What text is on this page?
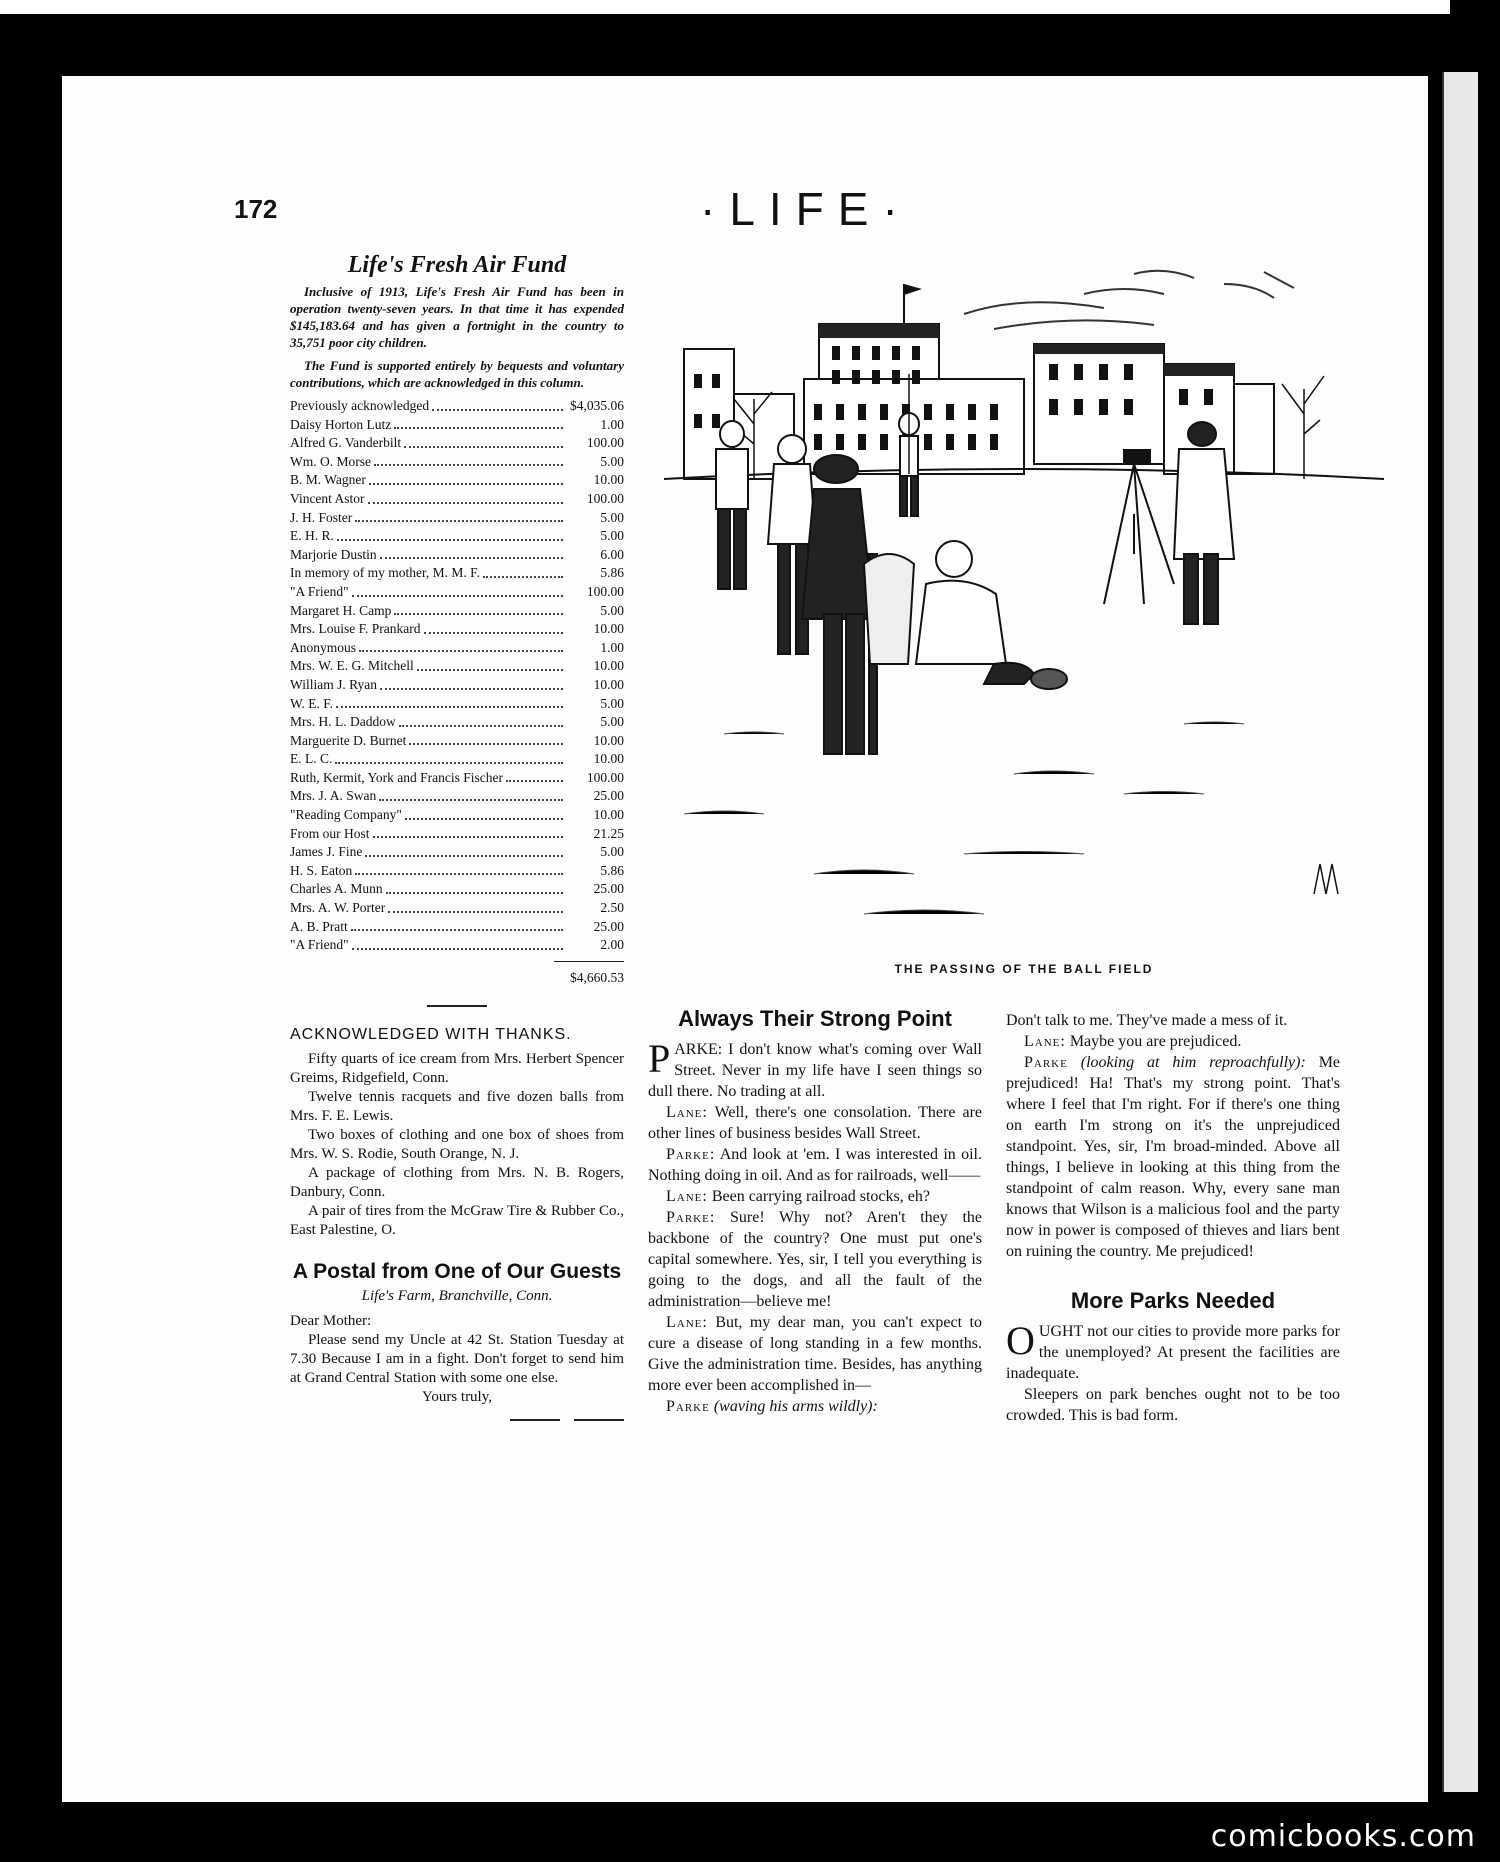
comicbooks.com
172	·LIFE·
Life's Fresh Air Fund

Inclusive of 1913, Life's Fresh Air Fund has been in operation twenty-seven years. In that time it has expended $145,183.64 and has given a fortnight in the country to 35,751 poor city children.

The Fund is supported entirely by bequests and voluntary contributions, which are acknowledged in this column.

Previously acknowledged	$4,035.06
Daisy Horton Lutz	1.00
Alfred G. Vanderbilt	100.00
Wm. O. Morse	5.00
B. M. Wagner	10.00
Vincent Astor	100.00
J. H. Foster	5.00
E. H. R.	5.00
Marjorie Dustin	6.00
In memory of my mother, M. M. F.	5.86
"A Friend"	100.00
Margaret H. Camp	5.00
Mrs. Louise F. Prankard	10.00
Anonymous	1.00
Mrs. W. E. G. Mitchell	10.00
William J. Ryan	10.00
W. E. F.	5.00
Mrs. H. L. Daddow	5.00
Marguerite D. Burnet	10.00
E. L. C.	10.00
Ruth, Kermit, York and Francis Fischer	100.00
Mrs. J. A. Swan	25.00
"Reading Company"	10.00
From our Host	21.25
James J. Fine	5.00
H. S. Eaton	5.86
Charles A. Munn	25.00
Mrs. A. W. Porter	2.50
A. B. Pratt	25.00
"A Friend"	2.00
$4,660.53
ACKNOWLEDGED WITH THANKS.

Fifty quarts of ice cream from Mrs. Herbert Spencer Greims, Ridgefield, Conn.

Twelve tennis racquets and five dozen balls from Mrs. F. E. Lewis.

Two boxes of clothing and one box of shoes from Mrs. W. S. Rodie, South Orange, N. J.

A package of clothing from Mrs. N. B. Rogers, Danbury, Conn.

A pair of tires from the McGraw Tire & Rubber Co., East Palestine, O.

A Postal from One of Our Guests

Life's Farm, Branchville, Conn.

Dear Mother:

Please send my Uncle at 42 St. Station Tuesday at 7.30 Because I am in a fight. Don't forget to send him at Grand Central Station with some one else.

Yours truly,

THE PASSING OF THE BALL FIELD
Always Their Strong Point

PARKE: I don't know what's coming over Wall Street. Never in my life have I seen things so dull there. No trading at all.

Lane: Well, there's one consolation. There are other lines of business besides Wall Street.

Parke: And look at 'em. I was interested in oil. Nothing doing in oil. And as for railroads, well——

Lane: Been carrying railroad stocks, eh?

Parke: Sure! Why not? Aren't they the backbone of the country? One must put one's capital somewhere. Yes, sir, I tell you everything is going to the dogs, and all the fault of the administration—believe me!

Lane: But, my dear man, you can't expect to cure a disease of long standing in a few months. Give the administration time. Besides, has anything more ever been accomplished in—

Parke (waving his arms wildly):

Don't talk to me. They've made a mess of it.

Lane: Maybe you are prejudiced.

Parke (looking at him reproachfully): Me prejudiced! Ha! That's my strong point. That's where I feel that I'm right. For if there's one thing on earth I'm strong on it's the unprejudiced standpoint. Yes, sir, I'm broad-minded. Above all things, I believe in looking at this thing from the standpoint of calm reason. Why, every sane man knows that Wilson is a malicious fool and the party now in power is composed of thieves and liars bent on ruining the country. Me prejudiced!

More Parks Needed

OUGHT not our cities to provide more parks for the unemployed? At present the facilities are inadequate.

Sleepers on park benches ought not to be too crowded. This is bad form.
